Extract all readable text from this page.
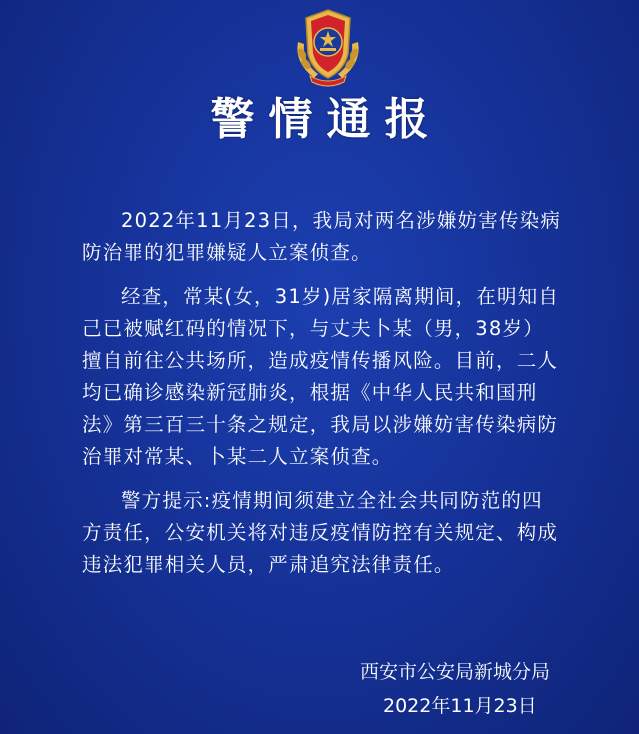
警情通报

2022年11月23日，我局对两名涉嫌妨害传染病防治罪的犯罪嫌疑人立案侦查。

经查，常某(女，31岁)居家隔离期间，在明知自己已被赋红码的情况下，与丈夫卜某（男，38岁）擅自前往公共场所，造成疫情传播风险。目前，二人均已确诊感染新冠肺炎，根据《中华人民共和国刑法》第三百三十条之规定，我局以涉嫌妨害传染病防治罪对常某、卜某二人立案侦查。

警方提示:疫情期间须建立全社会共同防范的四方责任，公安机关将对违反疫情防控有关规定、构成违法犯罪相关人员，严肃追究法律责任。

西安市公安局新城分局
2022年11月23日
